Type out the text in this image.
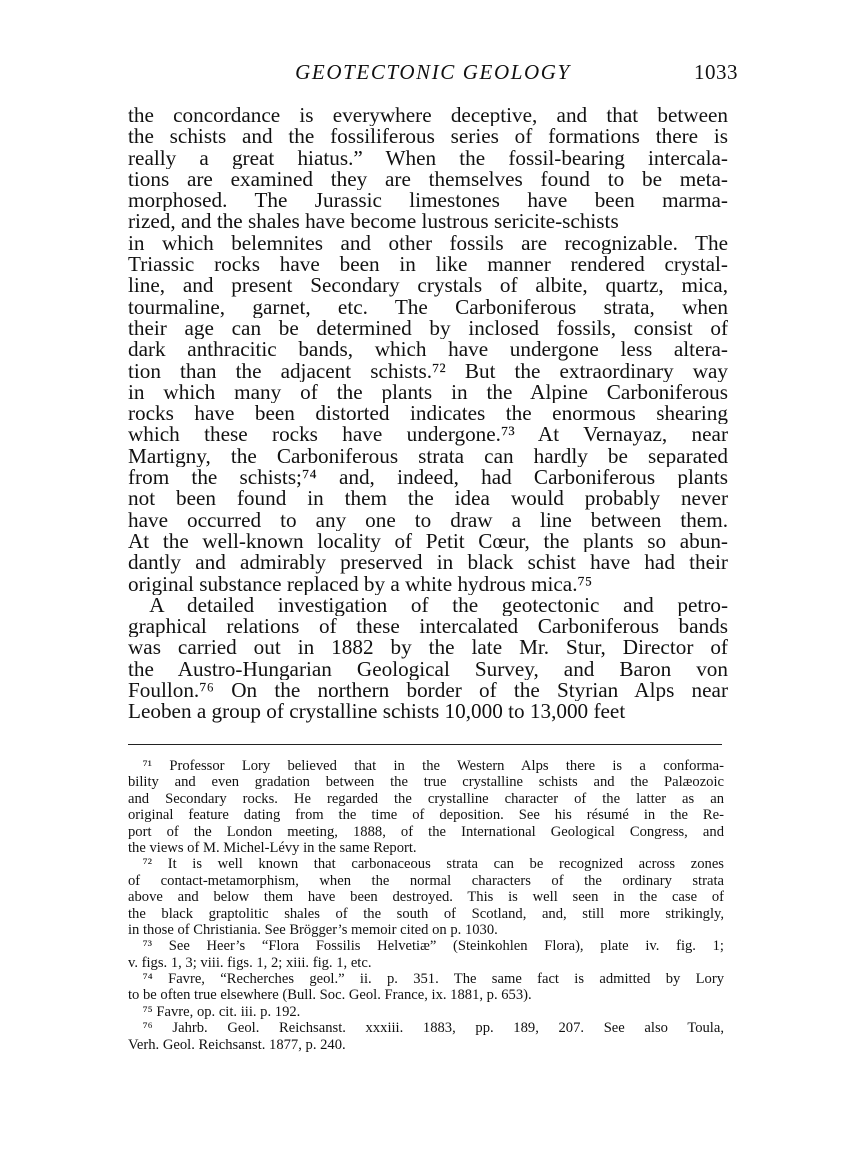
GEOTECTONIC GEOLOGY	1033
the concordance is everywhere deceptive, and that between
the schists and the fossiliferous series of formations there is
really a great hiatus.” When the fossil-bearing intercala-
tions are examined they are themselves found to be meta-
morphosed. The Jurassic limestones have been marma-
rized, and the shales have become lustrous sericite-schists
in which belemnites and other fossils are recognizable. The
Triassic rocks have been in like manner rendered crystal-
line, and present Secondary crystals of albite, quartz, mica,
tourmaline, garnet, etc. The Carboniferous strata, when
their age can be determined by inclosed fossils, consist of
dark anthracitic bands, which have undergone less altera-
tion than the adjacent schists.⁷² But the extraordinary way
in which many of the plants in the Alpine Carboniferous
rocks have been distorted indicates the enormous shearing
which these rocks have undergone.⁷³ At Vernayaz, near
Martigny, the Carboniferous strata can hardly be separated
from the schists;⁷⁴ and, indeed, had Carboniferous plants
not been found in them the idea would probably never
have occurred to any one to draw a line between them.
At the well-known locality of Petit Cœur, the plants so abun-
dantly and admirably preserved in black schist have had their
original substance replaced by a white hydrous mica.⁷⁵
 A detailed investigation of the geotectonic and petro-
graphical relations of these intercalated Carboniferous bands
was carried out in 1882 by the late Mr. Stur, Director of
the Austro-Hungarian Geological Survey, and Baron von
Foullon.⁷⁶ On the northern border of the Styrian Alps near
Leoben a group of crystalline schists 10,000 to 13,000 feet
 ⁷¹ Professor Lory believed that in the Western Alps there is a conforma-
bility and even gradation between the true crystalline schists and the Palæozoic
and Secondary rocks. He regarded the crystalline character of the latter as an
original feature dating from the time of deposition. See his résumé in the Re-
port of the London meeting, 1888, of the International Geological Congress, and
the views of M. Michel-Lévy in the same Report.
 ⁷² It is well known that carbonaceous strata can be recognized across zones
of contact-metamorphism, when the normal characters of the ordinary strata
above and below them have been destroyed. This is well seen in the case of
the black graptolitic shales of the south of Scotland, and, still more strikingly,
in those of Christiania. See Brögger’s memoir cited on p. 1030.
 ⁷³ See Heer’s “Flora Fossilis Helvetiæ” (Steinkohlen Flora), plate iv. fig. 1;
v. figs. 1, 3; viii. figs. 1, 2; xiii. fig. 1, etc.
 ⁷⁴ Favre, “Recherches geol.” ii. p. 351. The same fact is admitted by Lory
to be often true elsewhere (Bull. Soc. Geol. France, ix. 1881, p. 653).
 ⁷⁵ Favre, op. cit. iii. p. 192.
 ⁷⁶ Jahrb. Geol. Reichsanst. xxxiii. 1883, pp. 189, 207. See also Toula,
Verh. Geol. Reichsanst. 1877, p. 240.
